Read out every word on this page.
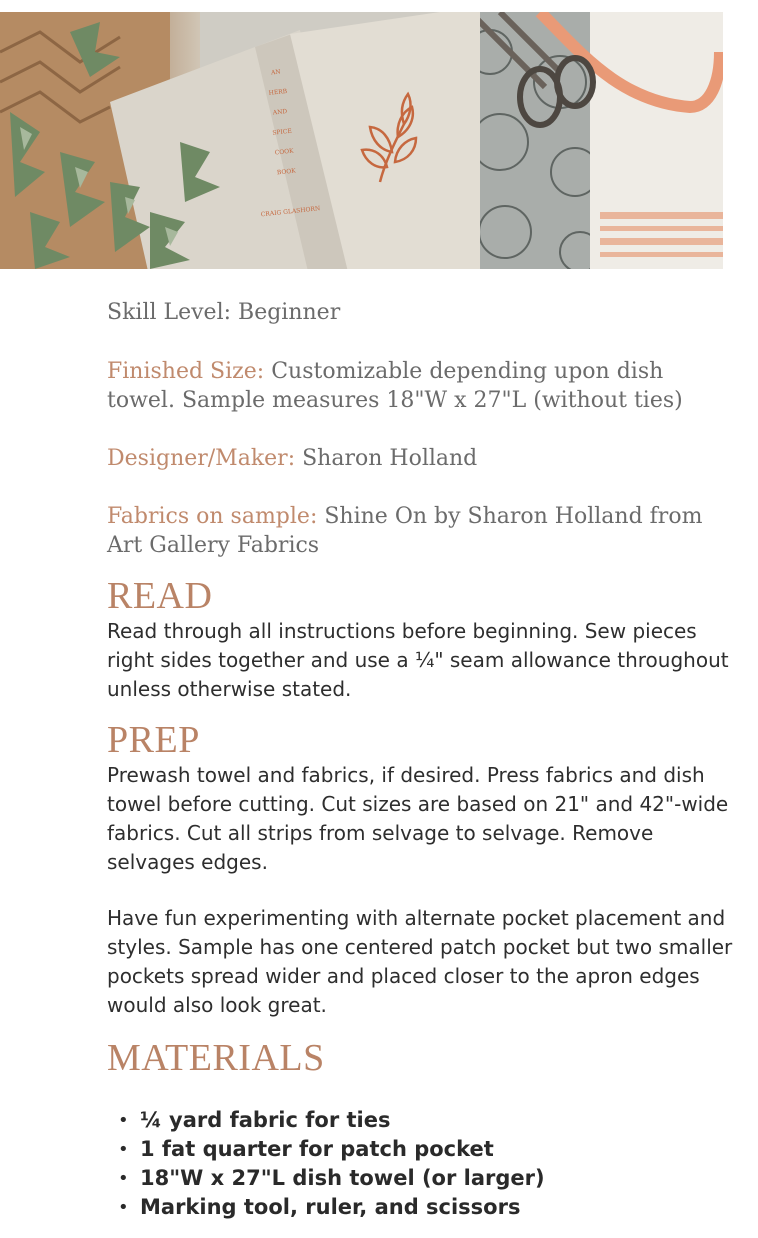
AN
HERB
AND
SPICE
COOK
BOOK
CRAIG GLASHORN

Skill Level: Beginner

Finished Size: Customizable depending upon dish towel. Sample measures 18"W x 27"L (without ties)

Designer/Maker: Sharon Holland

Fabrics on sample: Shine On by Sharon Holland from Art Gallery Fabrics

READ

Read through all instructions before beginning. Sew pieces right sides together and use a ¼" seam allowance throughout unless otherwise stated.

PREP

Prewash towel and fabrics, if desired. Press fabrics and dish towel before cutting. Cut sizes are based on 21" and 42"-wide fabrics. Cut all strips from selvage to selvage. Remove selvages edges.

Have fun experimenting with alternate pocket placement and styles. Sample has one centered patch pocket but two smaller pockets spread wider and placed closer to the apron edges would also look great.

MATERIALS
• ¼ yard fabric for ties
• 1 fat quarter for patch pocket
• 18"W x 27"L dish towel (or larger)
• Marking tool, ruler, and scissors
